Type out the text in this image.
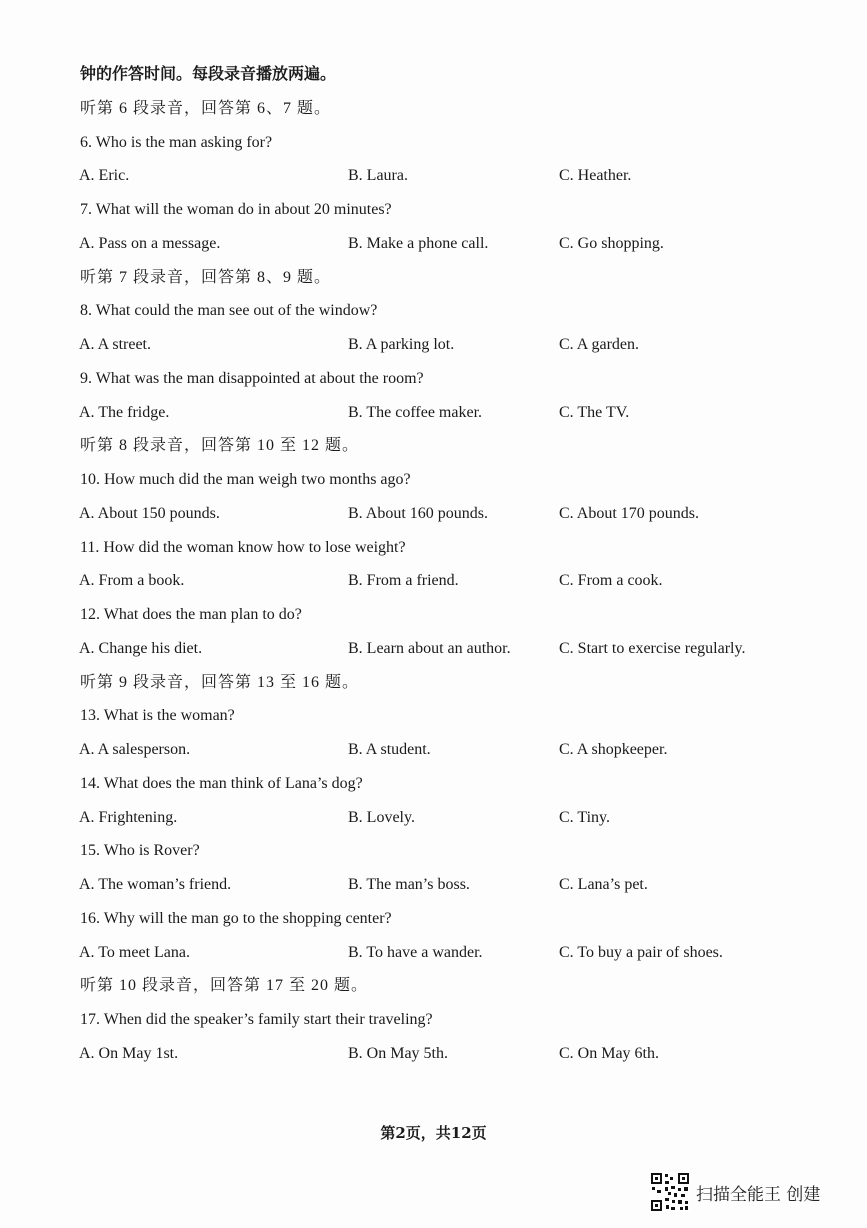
钟的作答时间。每段录音播放两遍。
听第 6 段录音，回答第 6、7 题。
6. Who is the man asking for?
A. Eric.	B. Laura.	C. Heather.
7. What will the woman do in about 20 minutes?
A. Pass on a message.	B. Make a phone call.	C. Go shopping.
听第 7 段录音，回答第 8、9 题。
8. What could the man see out of the window?
A. A street.	B. A parking lot.	C. A garden.
9. What was the man disappointed at about the room?
A. The fridge.	B. The coffee maker.	C. The TV.
听第 8 段录音，回答第 10 至 12 题。
10. How much did the man weigh two months ago?
A. About 150 pounds.	B. About 160 pounds.	C. About 170 pounds.
11. How did the woman know how to lose weight?
A. From a book.	B. From a friend.	C. From a cook.
12. What does the man plan to do?
A. Change his diet.	B. Learn about an author.	C. Start to exercise regularly.
听第 9 段录音，回答第 13 至 16 题。
13. What is the woman?
A. A salesperson.	B. A student.	C. A shopkeeper.
14. What does the man think of Lana’s dog?
A. Frightening.	B. Lovely.	C. Tiny.
15. Who is Rover?
A. The woman’s friend.	B. The man’s boss.	C. Lana’s pet.
16. Why will the man go to the shopping center?
A. To meet Lana.	B. To have a wander.	C. To buy a pair of shoes.
听第 10 段录音，回答第 17 至 20 题。
17. When did the speaker’s family start their traveling?
A. On May 1st.	B. On May 5th.	C. On May 6th.
第2页，共12页
扫描全能王 创建
